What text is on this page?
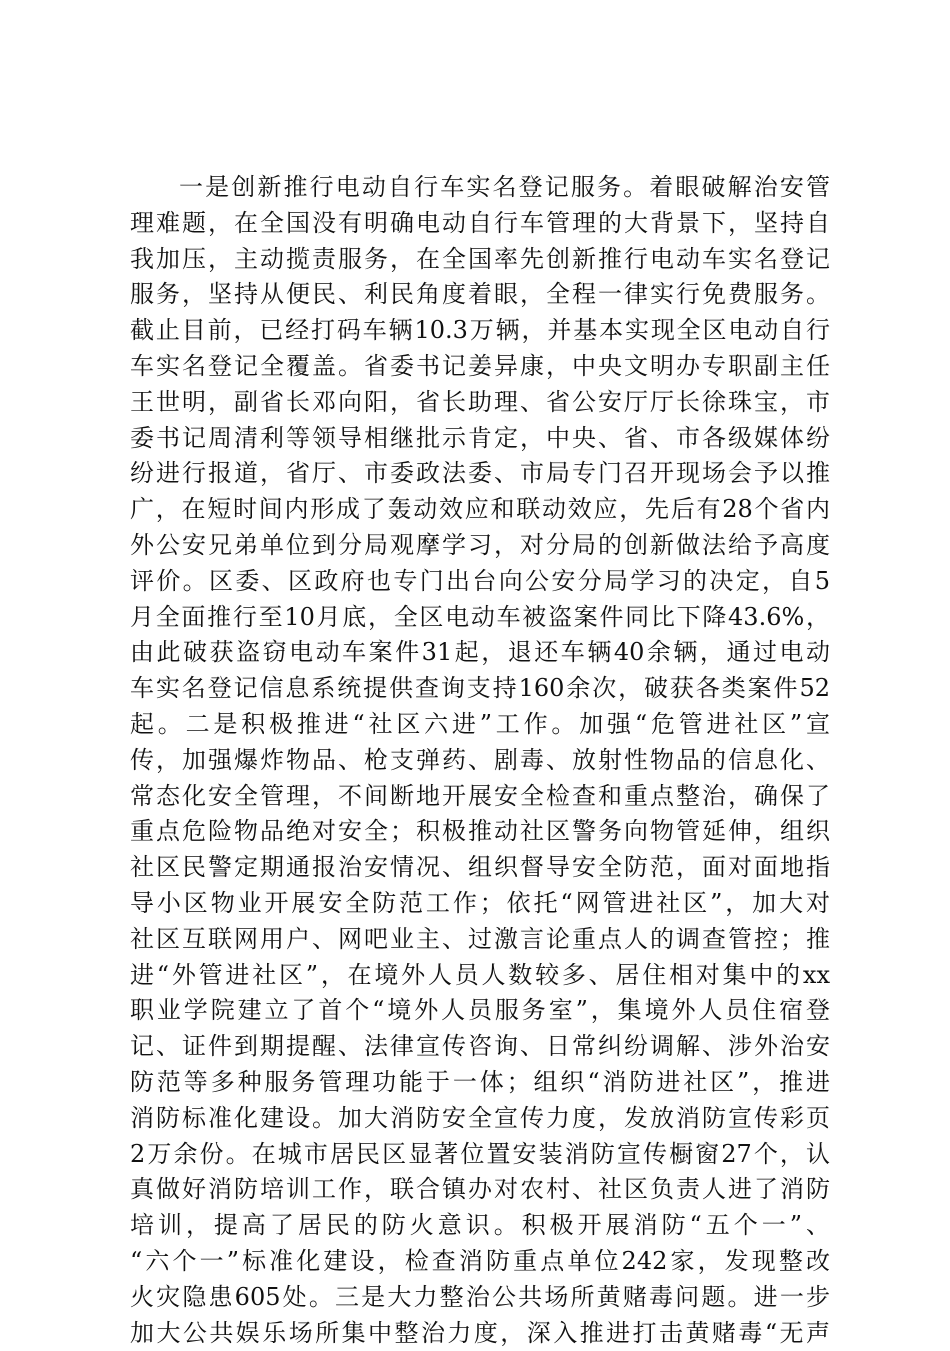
一是创新推行电动自行车实名登记服务。着眼破解治安管
理难题，在全国没有明确电动自行车管理的大背景下，坚持自
我加压，主动揽责服务，在全国率先创新推行电动车实名登记
服务，坚持从便民、利民角度着眼，全程一律实行免费服务。
截止目前，已经打码车辆10.3万辆，并基本实现全区电动自行
车实名登记全覆盖。省委书记姜异康，中央文明办专职副主任
王世明，副省长邓向阳，省长助理、省公安厅厅长徐珠宝，市
委书记周清利等领导相继批示肯定，中央、省、市各级媒体纷
纷进行报道，省厅、市委政法委、市局专门召开现场会予以推
广，在短时间内形成了轰动效应和联动效应，先后有28个省内
外公安兄弟单位到分局观摩学习，对分局的创新做法给予高度
评价。区委、区政府也专门出台向公安分局学习的决定，自5
月全面推行至10月底，全区电动车被盗案件同比下降43.6%，
由此破获盗窃电动车案件31起，退还车辆40余辆，通过电动
车实名登记信息系统提供查询支持160余次，破获各类案件52
起。二是积极推进“社区六进”工作。加强“危管进社区”宣
传，加强爆炸物品、枪支弹药、剧毒、放射性物品的信息化、
常态化安全管理，不间断地开展安全检查和重点整治，确保了
重点危险物品绝对安全；积极推动社区警务向物管延伸，组织
社区民警定期通报治安情况、组织督导安全防范，面对面地指
导小区物业开展安全防范工作；依托“网管进社区”，加大对
社区互联网用户、网吧业主、过激言论重点人的调查管控；推
进“外管进社区”，在境外人员人数较多、居住相对集中的xx
职业学院建立了首个“境外人员服务室”，集境外人员住宿登
记、证件到期提醒、法律宣传咨询、日常纠纷调解、涉外治安
防范等多种服务管理功能于一体；组织“消防进社区”，推进
消防标准化建设。加大消防安全宣传力度，发放消防宣传彩页
2万余份。在城市居民区显著位置安装消防宣传橱窗27个，认
真做好消防培训工作，联合镇办对农村、社区负责人进了消防
培训，提高了居民的防火意识。积极开展消防“五个一”、
“六个一”标准化建设，检查消防重点单位242家，发现整改
火灾隐患605处。三是大力整治公共场所黄赌毒问题。进一步
加大公共娱乐场所集中整治力度，深入推进打击黄赌毒“无声
